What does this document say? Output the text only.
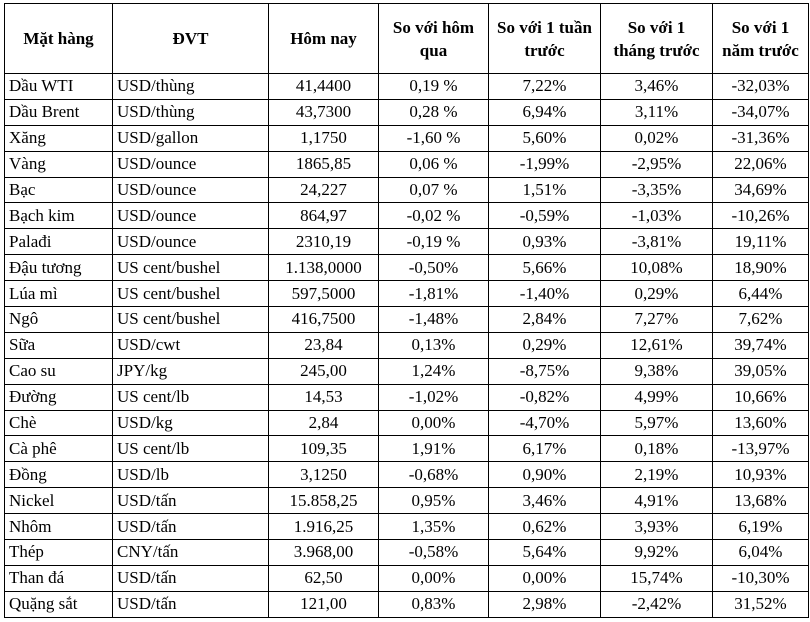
Mặt hàng	ĐVT	Hôm nay	So với hôm qua	So với 1 tuần trước	So với 1 tháng trước	So với 1 năm trước
Dầu WTI	USD/thùng	41,4400	0,19 %	7,22%	3,46%	-32,03%
Dầu Brent	USD/thùng	43,7300	0,28 %	6,94%	3,11%	-34,07%
Xăng	USD/gallon	1,1750	-1,60 %	5,60%	0,02%	-31,36%
Vàng	USD/ounce	1865,85	0,06 %	-1,99%	-2,95%	22,06%
Bạc	USD/ounce	24,227	0,07 %	1,51%	-3,35%	34,69%
Bạch kim	USD/ounce	864,97	-0,02 %	-0,59%	-1,03%	-10,26%
Palađi	USD/ounce	2310,19	-0,19 %	0,93%	-3,81%	19,11%
Đậu tương	US cent/bushel	1.138,0000	-0,50%	5,66%	10,08%	18,90%
Lúa mì	US cent/bushel	597,5000	-1,81%	-1,40%	0,29%	6,44%
Ngô	US cent/bushel	416,7500	-1,48%	2,84%	7,27%	7,62%
Sữa	USD/cwt	23,84	0,13%	0,29%	12,61%	39,74%
Cao su	JPY/kg	245,00	1,24%	-8,75%	9,38%	39,05%
Đường	US cent/lb	14,53	-1,02%	-0,82%	4,99%	10,66%
Chè	USD/kg	2,84	0,00%	-4,70%	5,97%	13,60%
Cà phê	US cent/lb	109,35	1,91%	6,17%	0,18%	-13,97%
Đồng	USD/lb	3,1250	-0,68%	0,90%	2,19%	10,93%
Nickel	USD/tấn	15.858,25	0,95%	3,46%	4,91%	13,68%
Nhôm	USD/tấn	1.916,25	1,35%	0,62%	3,93%	6,19%
Thép	CNY/tấn	3.968,00	-0,58%	5,64%	9,92%	6,04%
Than đá	USD/tấn	62,50	0,00%	0,00%	15,74%	-10,30%
Quặng sắt	USD/tấn	121,00	0,83%	2,98%	-2,42%	31,52%
